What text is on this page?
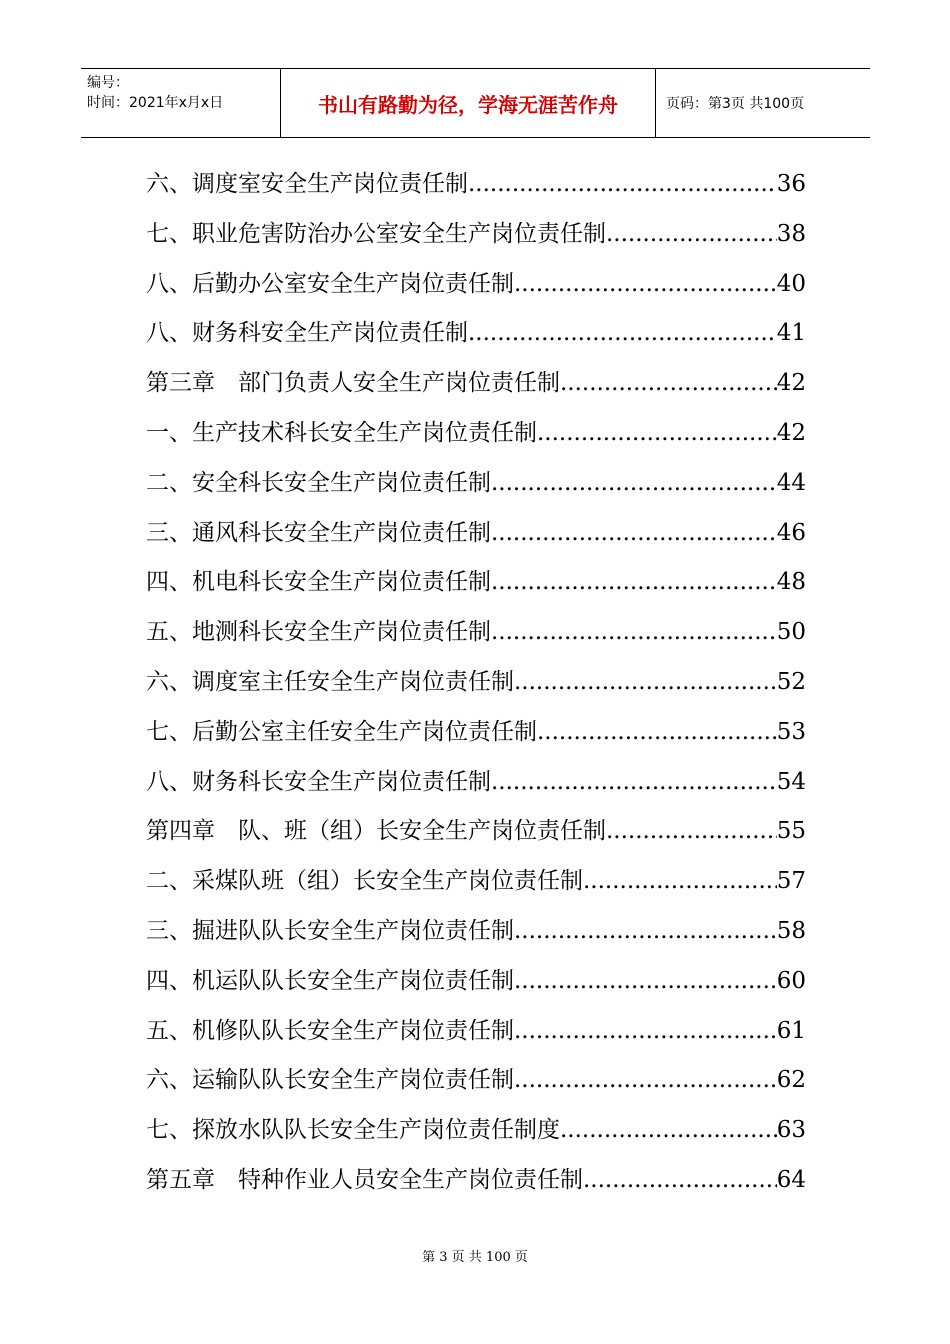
编号：
时间：2021年x月x日	书山有路勤为径，学海无涯苦作舟	页码：第3页 共100页
六、调度室安全生产岗位责任制 .....	36
七、职业危害防治办公室安全生产岗位责任制 .....	38
八、后勤办公室安全生产岗位责任制 .....	40
八、财务科安全生产岗位责任制 .....	41
第三章　部门负责人安全生产岗位责任制 .....	42
一、生产技术科长安全生产岗位责任制 .....	42
二、安全科长安全生产岗位责任制 .....	44
三、通风科长安全生产岗位责任制 .....	46
四、机电科长安全生产岗位责任制 .....	48
五、地测科长安全生产岗位责任制 .....	50
六、调度室主任安全生产岗位责任制 .....	52
七、后勤公室主任安全生产岗位责任制 .....	53
八、财务科长安全生产岗位责任制 .....	54
第四章　队、班（组）长安全生产岗位责任制 .....	55
二、采煤队班（组）长安全生产岗位责任制 .....	57
三、掘进队队长安全生产岗位责任制 .....	58
四、机运队队长安全生产岗位责任制 .....	60
五、机修队队长安全生产岗位责任制 .....	61
六、运输队队长安全生产岗位责任制 .....	62
七、探放水队队长安全生产岗位责任制度 .....	63
第五章　特种作业人员安全生产岗位责任制 .....	64
第 3 页 共 100 页
